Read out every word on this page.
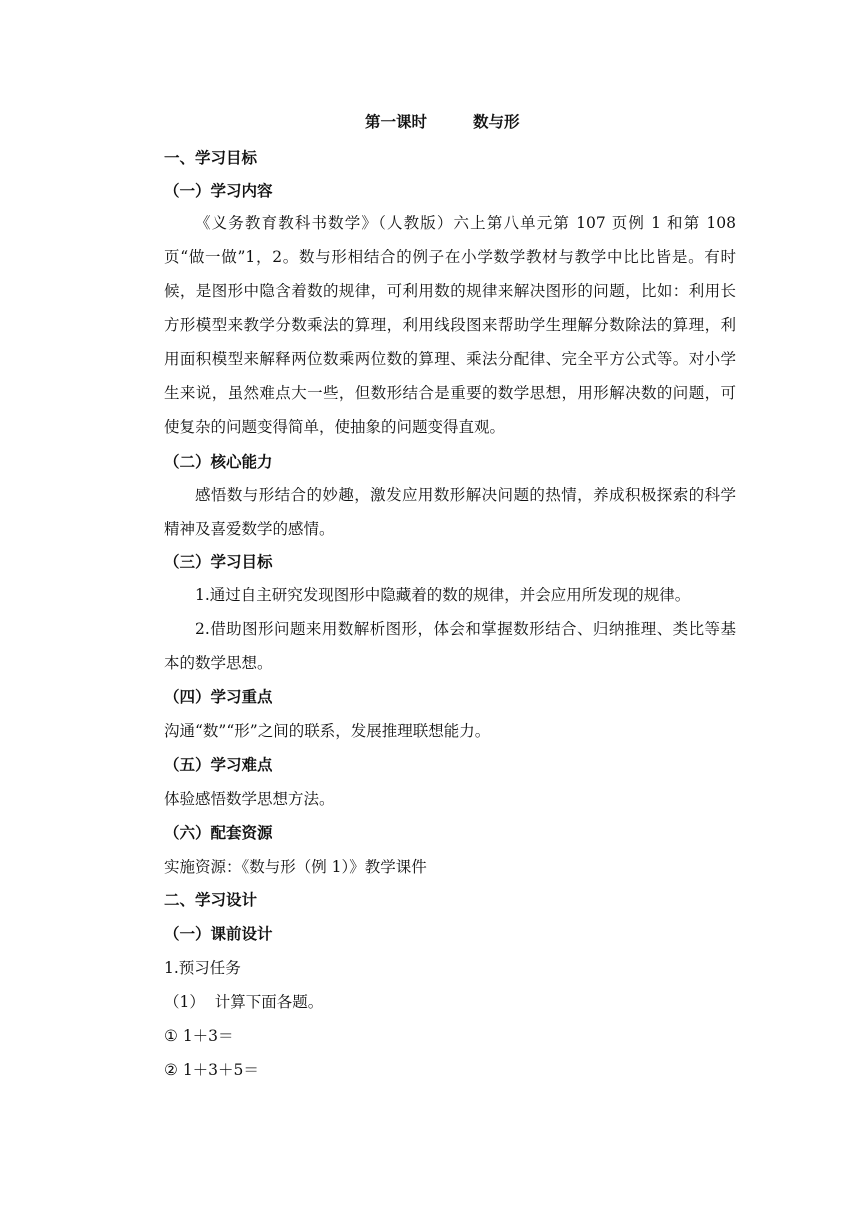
第一课时	数与形
一、学习目标
（一）学习内容
《义务教育教科书数学》（人教版）六上第八单元第 107 页例 1 和第 108 页“做一做”1，2。数与形相结合的例子在小学数学教材与教学中比比皆是。有时候，是图形中隐含着数的规律，可利用数的规律来解决图形的问题，比如：利用长方形模型来教学分数乘法的算理，利用线段图来帮助学生理解分数除法的算理，利用面积模型来解释两位数乘两位数的算理、乘法分配律、完全平方公式等。对小学生来说，虽然难点大一些，但数形结合是重要的数学思想，用形解决数的问题，可使复杂的问题变得简单，使抽象的问题变得直观。
（二）核心能力
感悟数与形结合的妙趣，激发应用数形解决问题的热情，养成积极探索的科学精神及喜爱数学的感情。
（三）学习目标
1.通过自主研究发现图形中隐藏着的数的规律，并会应用所发现的规律。
2.借助图形问题来用数解析图形，体会和掌握数形结合、归纳推理、类比等基本的数学思想。
（四）学习重点
沟通“数”“形”之间的联系，发展推理联想能力。
（五）学习难点
体验感悟数学思想方法。
（六）配套资源
实施资源：《数与形（例 1）》教学课件
二、学习设计
（一）课前设计
1.预习任务
（1）  计算下面各题。
① 1＋3＝
② 1＋3＋5＝
